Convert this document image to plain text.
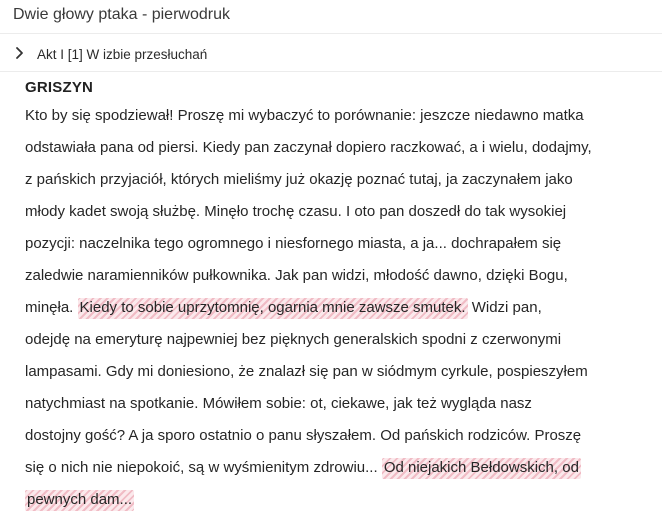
Dwie głowy ptaka - pierwodruk
Akt I [1] W izbie przesłuchań
GRISZYN
Kto by się spodziewał! Proszę mi wybaczyć to porównanie: jeszcze niedawno matka
odstawiała pana od piersi. Kiedy pan zaczynał dopiero raczkować, a i wielu, dodajmy,
z pańskich przyjaciół, których mieliśmy już okazję poznać tutaj, ja zaczynałem jako
młody kadet swoją służbę. Minęło trochę czasu. I oto pan doszedł do tak wysokiej
pozycji: naczelnika tego ogromnego i niesfornego miasta, a ja... dochrapałem się
zaledwie naramienników pułkownika. Jak pan widzi, młodość dawno, dzięki Bogu,
minęła. Kiedy to sobie uprzytomnię, ogarnia mnie zawsze smutek. Widzi pan,
odejdę na emeryturę najpewniej bez pięknych generalskich spodni z czerwonymi
lampasami. Gdy mi doniesiono, że znalazł się pan w siódmym cyrkule, pospieszyłem
natychmiast na spotkanie. Mówiłem sobie: ot, ciekawe, jak też wygląda nasz
dostojny gość? A ja sporo ostatnio o panu słyszałem. Od pańskich rodziców. Proszę
się o nich nie niepokoić, są w wyśmienitym zdrowiu... Od niejakich Bełdowskich, od
pewnych dam...
